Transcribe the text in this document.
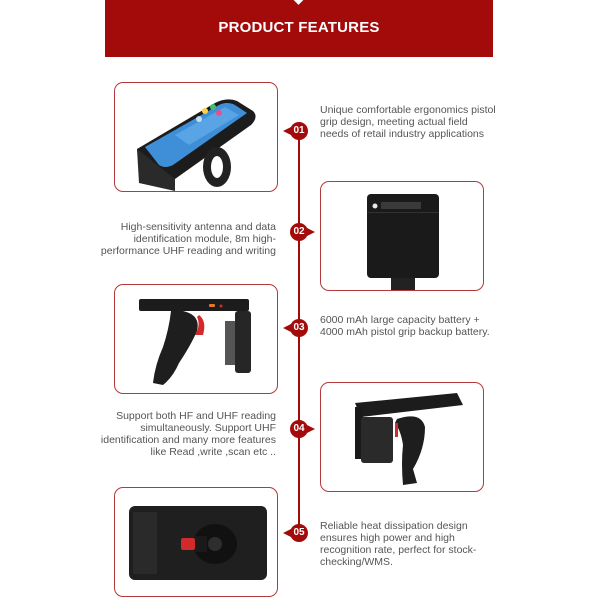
PRODUCT FEATURES
01
Unique comfortable ergonomics pistol grip design, meeting actual field needs of retail industry applications
02
High-sensitivity antenna and data identification module, 8m high-performance UHF reading and writing
03
6000 mAh large capacity battery + 4000 mAh pistol grip backup battery.
04
Support both HF and UHF reading simultaneously. Support UHF identification and many more features like Read ,write ,scan etc ..
05
Reliable heat dissipation design ensures high power and high recognition rate, perfect for stock-checking/WMS.
